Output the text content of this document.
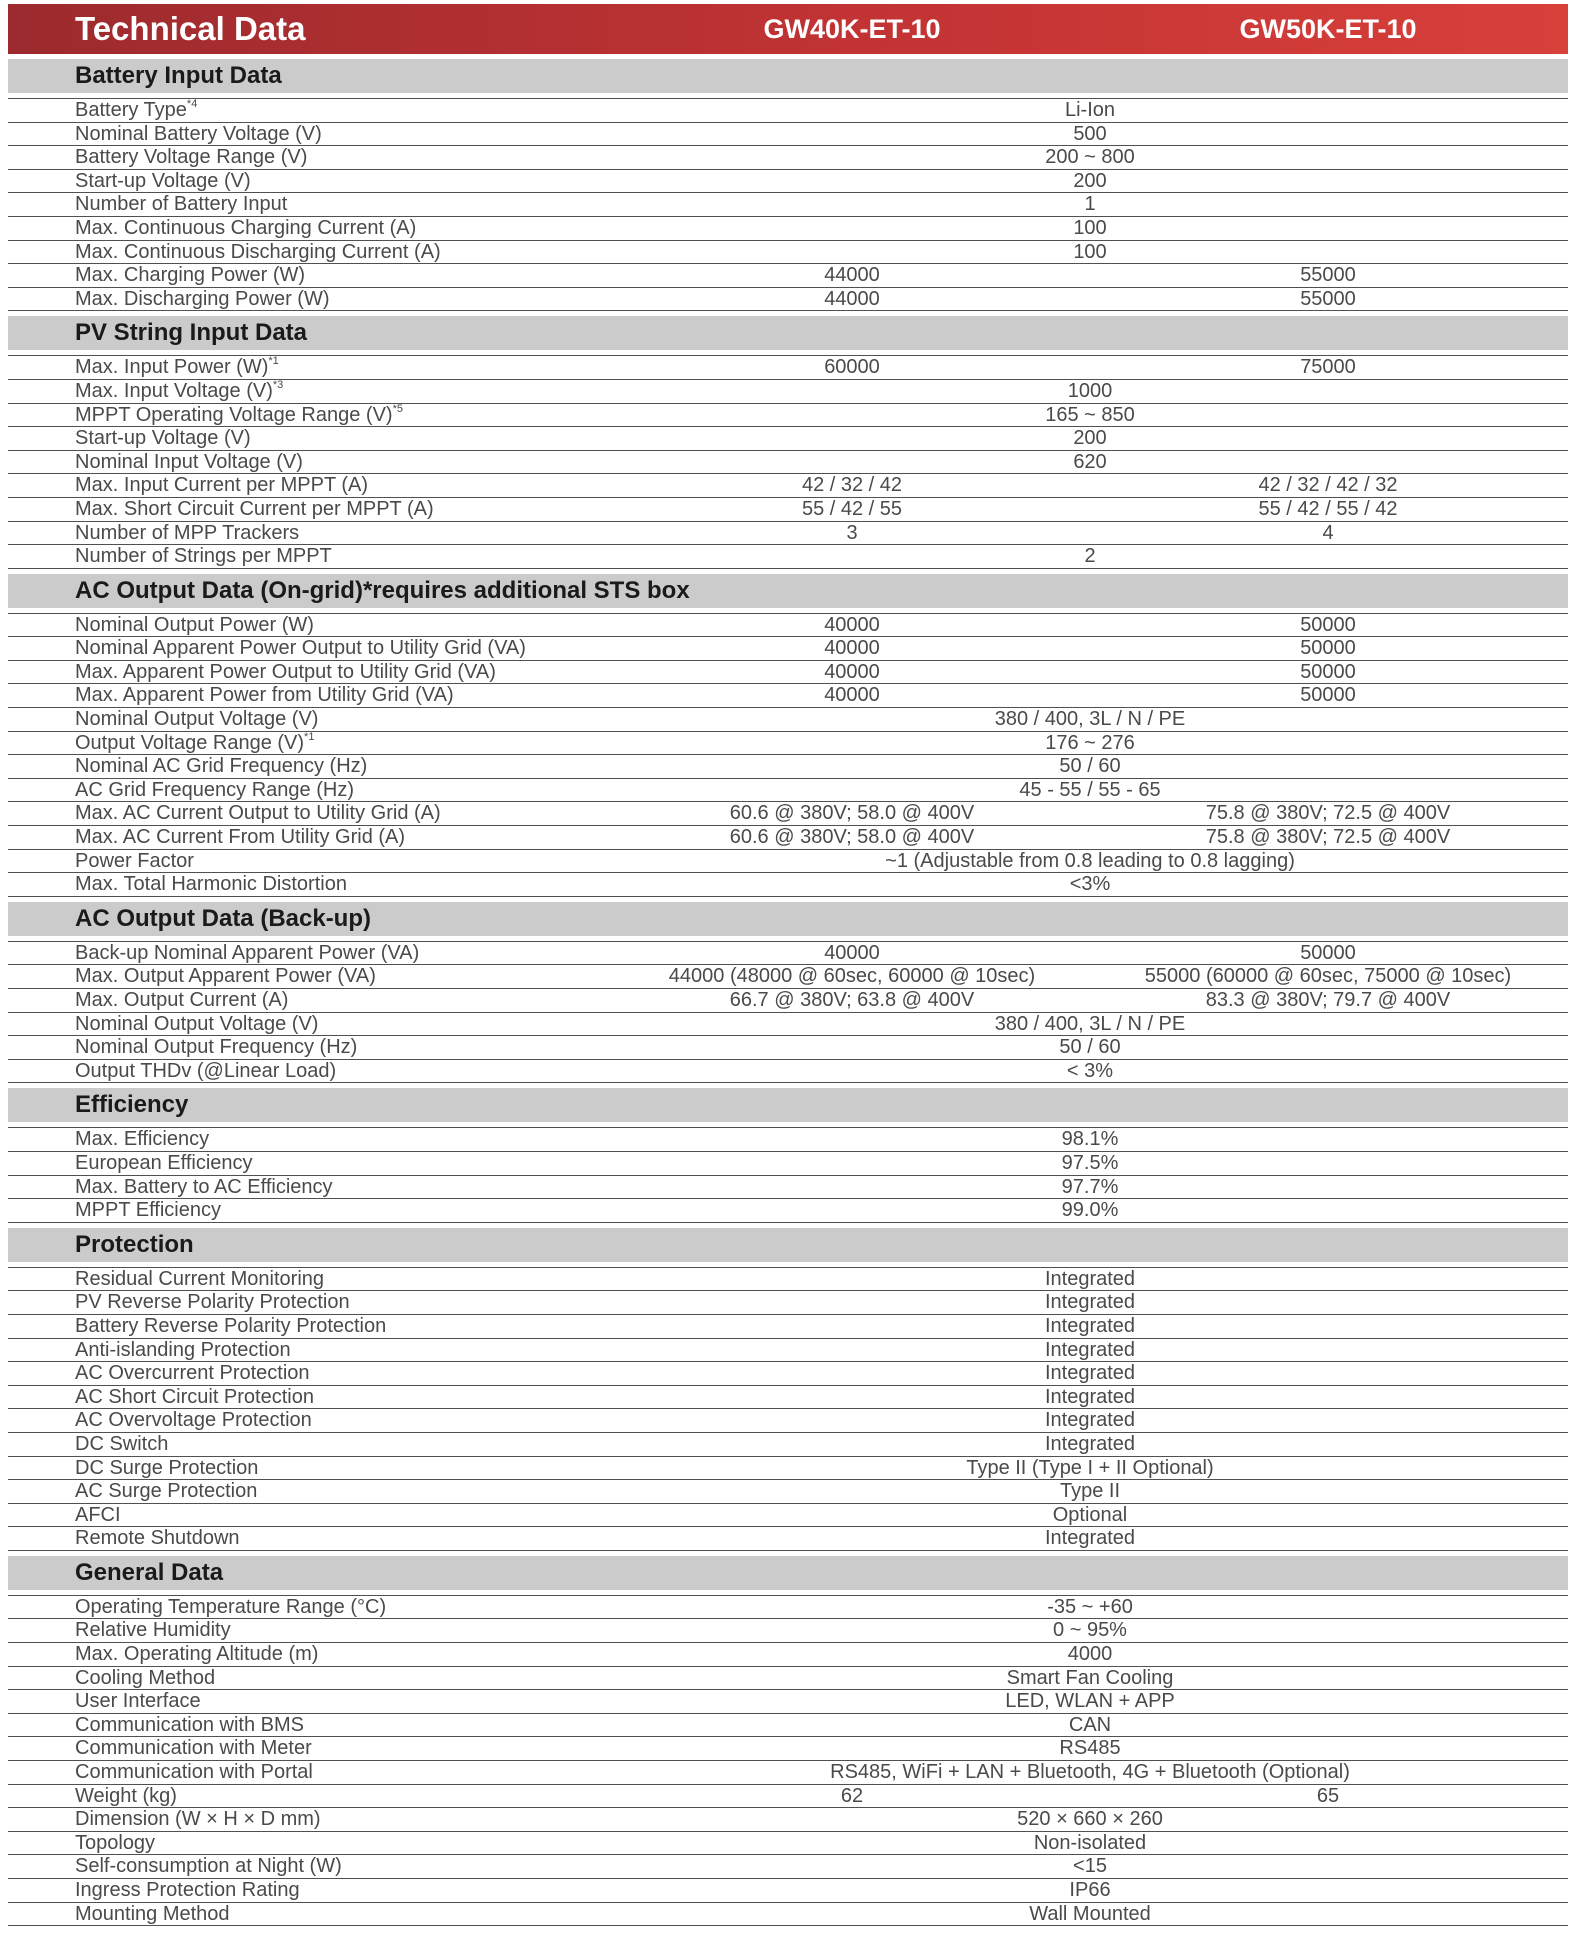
Technical Data	GW40K-ET-10	GW50K-ET-10
Battery Input Data
Battery Type$^{*4}$	Li-Ion
Nominal Battery Voltage (V)	500
Battery Voltage Range (V)	200 ~ 800
Start-up Voltage (V)	200
Number of Battery Input	1
Max. Continuous Charging Current (A)	100
Max. Continuous Discharging Current (A)	100
Max. Charging Power (W)	44000	55000
Max. Discharging Power (W)	44000	55000
PV String Input Data
Max. Input Power $(W)^{*1}$	60000	75000
Max. Input Voltage $(V)^{*3}$	1000
MPPT Operating Voltage Range $(V)^{*5}$	165 ~ 850
Start-up Voltage (V)	200
Nominal Input Voltage (V)	620
Max. Input Current per MPPT (A)	42 / 32 / 42	42 / 32 / 42 / 32
Max. Short Circuit Current per MPPT (A)	55 / 42 / 55	55 / 42 / 55 / 42
Number of MPP Trackers	3	4
Number of Strings per MPPT	2
AC Output Data (On-grid)*requires additional STS box
Nominal Output Power (W)	40000	50000
Nominal Apparent Power Output to Utility Grid (VA)	40000	50000
Max. Apparent Power Output to Utility Grid (VA)	40000	50000
Max. Apparent Power from Utility Grid (VA)	40000	50000
Nominal Output Voltage (V)	380 / 400, 3L / N / PE
Output Voltage Range $(V)^{*1}$	176 ~ 276
Nominal AC Grid Frequency (Hz)	50 / 60
AC Grid Frequency Range (Hz)	45 - 55 / 55 - 65
Max. AC Current Output to Utility Grid (A)	60.6 @ 380V; 58.0 @ 400V	75.8 @ 380V; 72.5 @ 400V
Max. AC Current From Utility Grid (A)	60.6 @ 380V; 58.0 @ 400V	75.8 @ 380V; 72.5 @ 400V
Power Factor	~1 (Adjustable from 0.8 leading to 0.8 lagging)
Max. Total Harmonic Distortion	<3%
AC Output Data (Back-up)
Back-up Nominal Apparent Power (VA)	40000	50000
Max. Output Apparent Power (VA)	44000 (48000 @ 60sec, 60000 @ 10sec)	55000 (60000 @ 60sec, 75000 @ 10sec)
Max. Output Current (A)	66.7 @ 380V; 63.8 @ 400V	83.3 @ 380V; 79.7 @ 400V
Nominal Output Voltage (V)	380 / 400, 3L / N / PE
Nominal Output Frequency (Hz)	50 / 60
Output THDv (@Linear Load)	< 3%
Efficiency
Max. Efficiency	98.1%
European Efficiency	97.5%
Max. Battery to AC Efficiency	97.7%
MPPT Efficiency	99.0%
Protection
Residual Current Monitoring	Integrated
PV Reverse Polarity Protection	Integrated
Battery Reverse Polarity Protection	Integrated
Anti-islanding Protection	Integrated
AC Overcurrent Protection	Integrated
AC Short Circuit Protection	Integrated
AC Overvoltage Protection	Integrated
DC Switch	Integrated
DC Surge Protection	Type II (Type I + II Optional)
AC Surge Protection	Type II
AFCI	Optional
Remote Shutdown	Integrated
General Data
Operating Temperature Range (°C)	-35 ~ +60
Relative Humidity	0 ~ 95%
Max. Operating Altitude (m)	4000
Cooling Method	Smart Fan Cooling
User Interface	LED, WLAN + APP
Communication with BMS	CAN
Communication with Meter	RS485
Communication with Portal	RS485, WiFi + LAN + Bluetooth, 4G + Bluetooth (Optional)
Weight (kg)	62	65
Dimension (W × H × D mm)	520 × 660 × 260
Topology	Non-isolated
Self-consumption at Night (W)	<15
Ingress Protection Rating	IP66
Mounting Method	Wall Mounted
